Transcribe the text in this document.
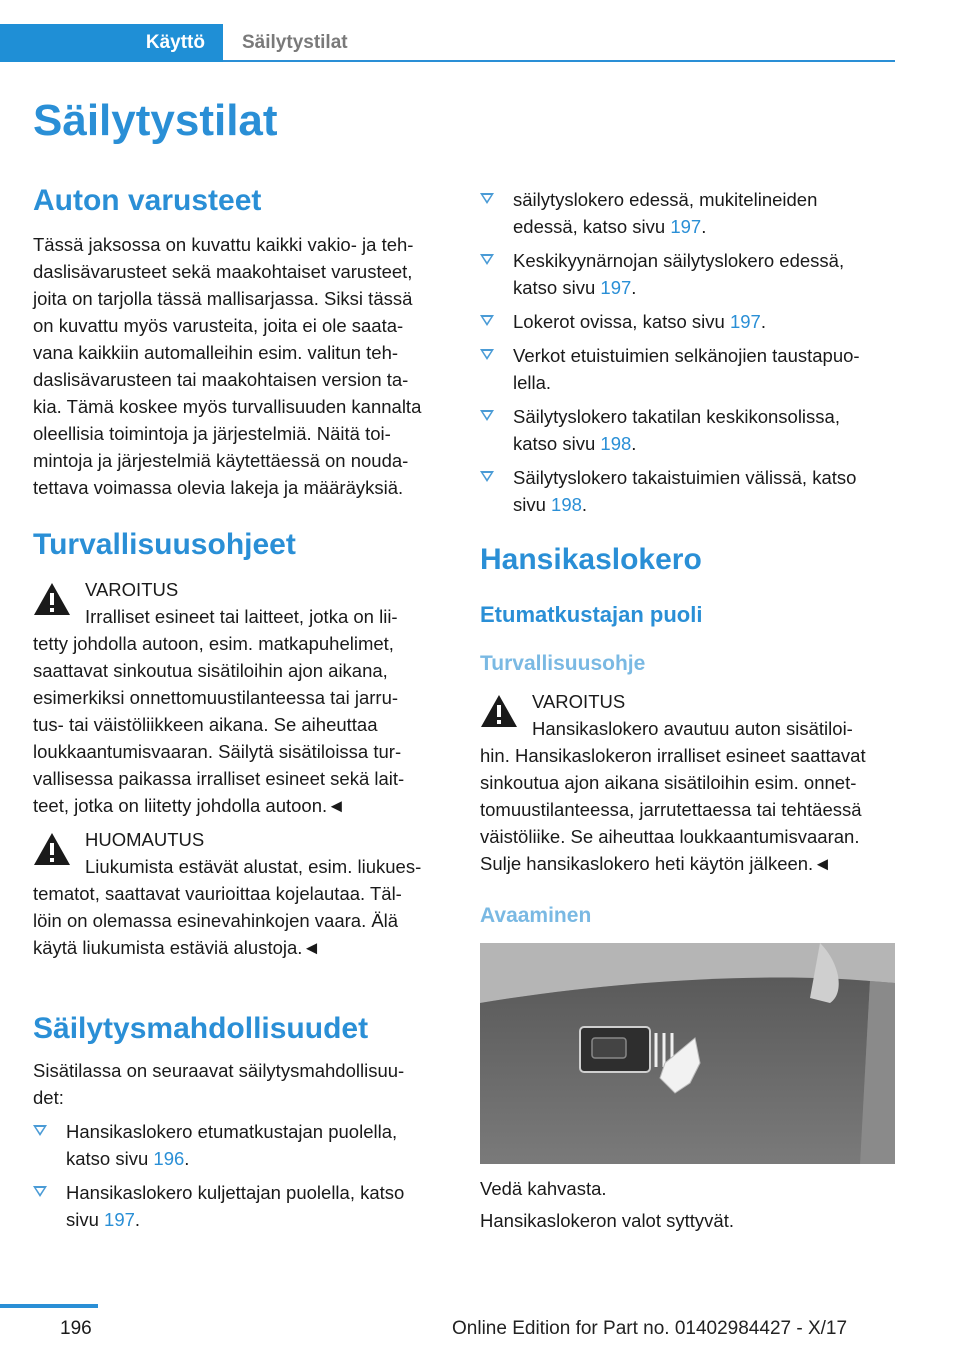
Käyttö Säilytystilat
Säilytystilat
Auton varusteet
Tässä jaksossa on kuvattu kaikki vakio- ja teh-
daslisävarusteet sekä maakohtaiset varusteet,
joita on tarjolla tässä mallisarjassa. Siksi tässä
on kuvattu myös varusteita, joita ei ole saata-
vana kaikkiin automalleihin esim. valitun teh-
daslisävarusteen tai maakohtaisen version ta-
kia. Tämä koskee myös turvallisuuden kannalta
oleellisia toimintoja ja järjestelmiä. Näitä toi-
mintoja ja järjestelmiä käytettäessä on nouda-
tettava voimassa olevia lakeja ja määräyksiä.
Turvallisuusohjeet
VAROITUS
Irralliset esineet tai laitteet, jotka on lii-
tetty johdolla autoon, esim. matkapuhelimet,
saattavat sinkoutua sisätiloihin ajon aikana,
esimerkiksi onnettomuustilanteessa tai jarru-
tus- tai väistöliikkeen aikana. Se aiheuttaa
loukkaantumisvaaran. Säilytä sisätiloissa tur-
vallisessa paikassa irralliset esineet sekä lait-
teet, jotka on liitetty johdolla autoon.◄
HUOMAUTUS
Liukumista estävät alustat, esim. liukues-
tematot, saattavat vaurioittaa kojelautaa. Täl-
löin on olemassa esinevahinkojen vaara. Älä
käytä liukumista estäviä alustoja.◄
Säilytysmahdollisuudet
Sisätilassa on seuraavat säilytysmahdollisuu-
det:
Hansikaslokero etumatkustajan puolella,
katso sivu 196.
Hansikaslokero kuljettajan puolella, katso
sivu 197.
säilytyslokero edessä, mukitelineiden
edessä, katso sivu 197.
Keskikyynärnojan säilytyslokero edessä,
katso sivu 197.
Lokerot ovissa, katso sivu 197.
Verkot etuistuimien selkänojien taustapuo-
lella.
Säilytyslokero takatilan keskikonsolissa,
katso sivu 198.
Säilytyslokero takaistuimien välissä, katso
sivu 198.
Hansikaslokero
Etumatkustajan puoli
Turvallisuusohje
VAROITUS
Hansikaslokero avautuu auton sisätiloi-
hin. Hansikaslokeron irralliset esineet saattavat
sinkoutua ajon aikana sisätiloihin esim. onnet-
tomuustilanteessa, jarrutettaessa tai tehtäessä
väistöliike. Se aiheuttaa loukkaantumisvaaran.
Sulje hansikaslokero heti käytön jälkeen.◄
Avaaminen
Vedä kahvasta.
Hansikaslokeron valot syttyvät.
196	Online Edition for Part no. 01402984427 - X/17
